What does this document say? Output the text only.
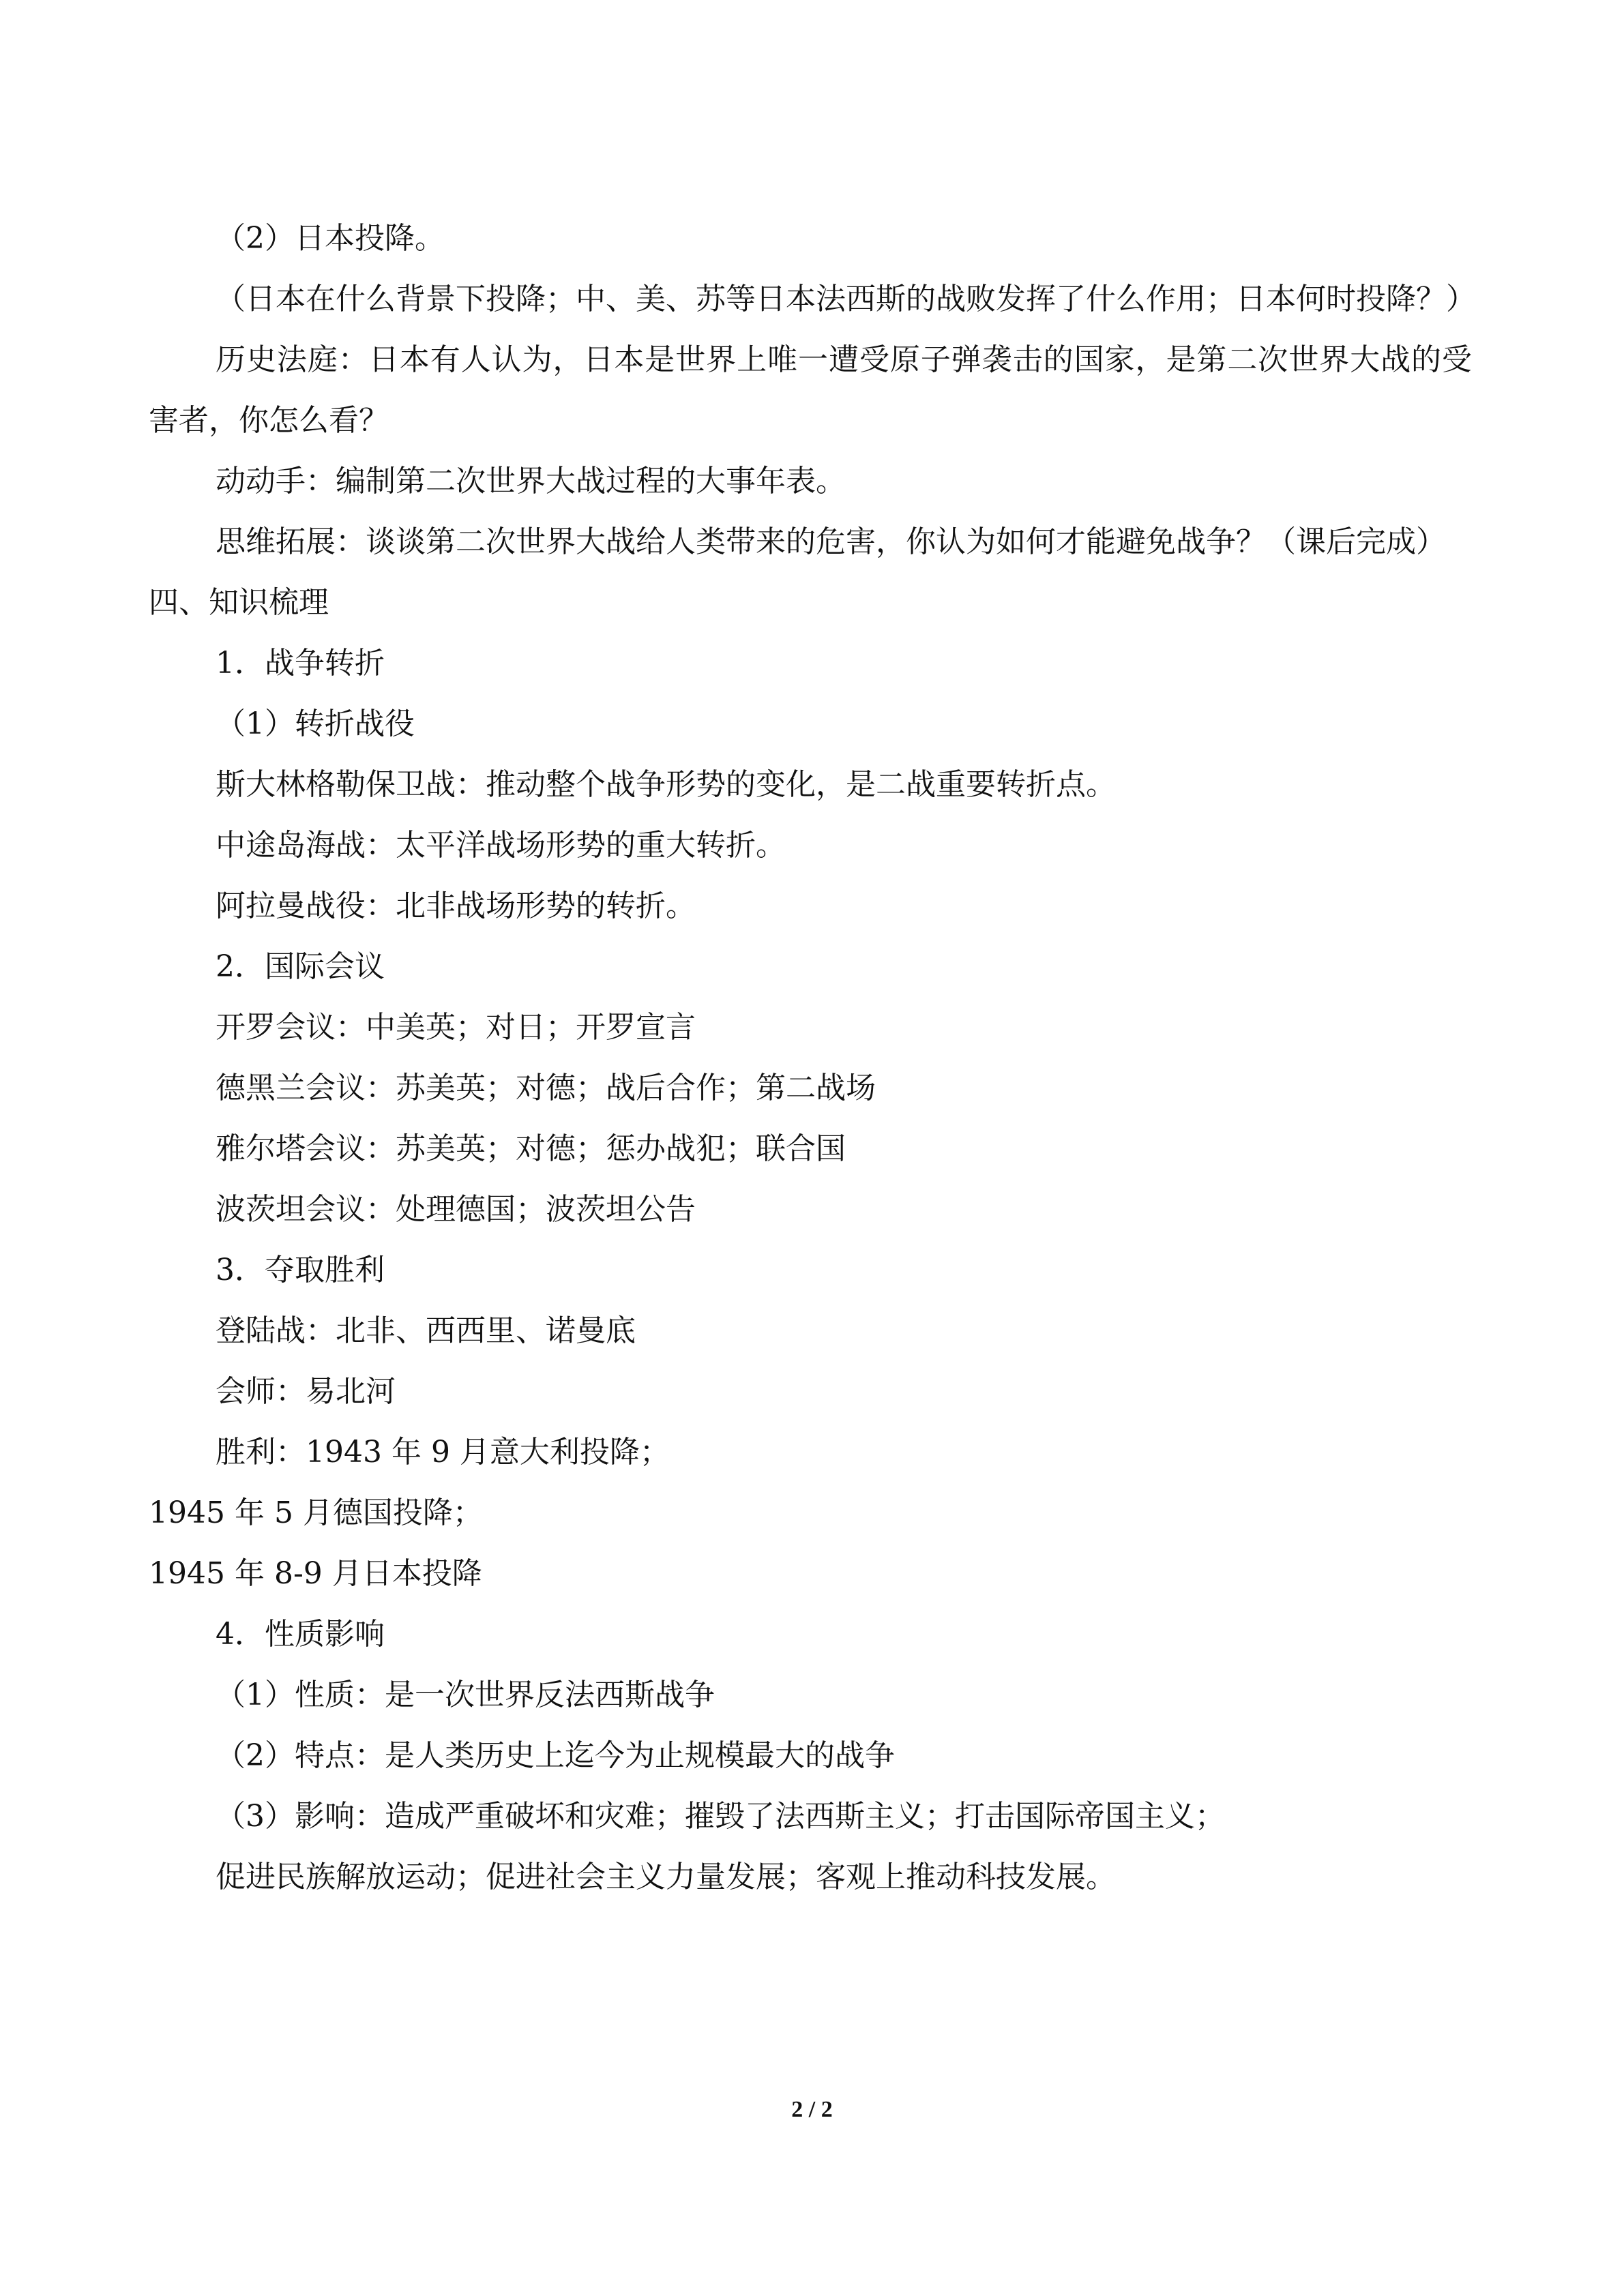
（2）日本投降。

（日本在什么背景下投降；中、美、苏等日本法西斯的战败发挥了什么作用；日本何时投降？）

历史法庭：日本有人认为，日本是世界上唯一遭受原子弹袭击的国家，是第二次世界大战的受害者，你怎么看？

动动手：编制第二次世界大战过程的大事年表。

思维拓展：谈谈第二次世界大战给人类带来的危害，你认为如何才能避免战争？（课后完成）

四、知识梳理

1．战争转折

（1）转折战役

斯大林格勒保卫战：推动整个战争形势的变化，是二战重要转折点。

中途岛海战：太平洋战场形势的重大转折。

阿拉曼战役：北非战场形势的转折。

2．国际会议

开罗会议：中美英；对日；开罗宣言

德黑兰会议：苏美英；对德；战后合作；第二战场

雅尔塔会议：苏美英；对德；惩办战犯；联合国

波茨坦会议：处理德国；波茨坦公告

3．夺取胜利

登陆战：北非、西西里、诺曼底

会师：易北河

胜利：1943 年 9 月意大利投降；

1945 年 5 月德国投降；

1945 年 8-9 月日本投降

4．性质影响

（1）性质：是一次世界反法西斯战争

（2）特点：是人类历史上迄今为止规模最大的战争

（3）影响：造成严重破坏和灾难；摧毁了法西斯主义；打击国际帝国主义；

促进民族解放运动；促进社会主义力量发展；客观上推动科技发展。

2 / 2
